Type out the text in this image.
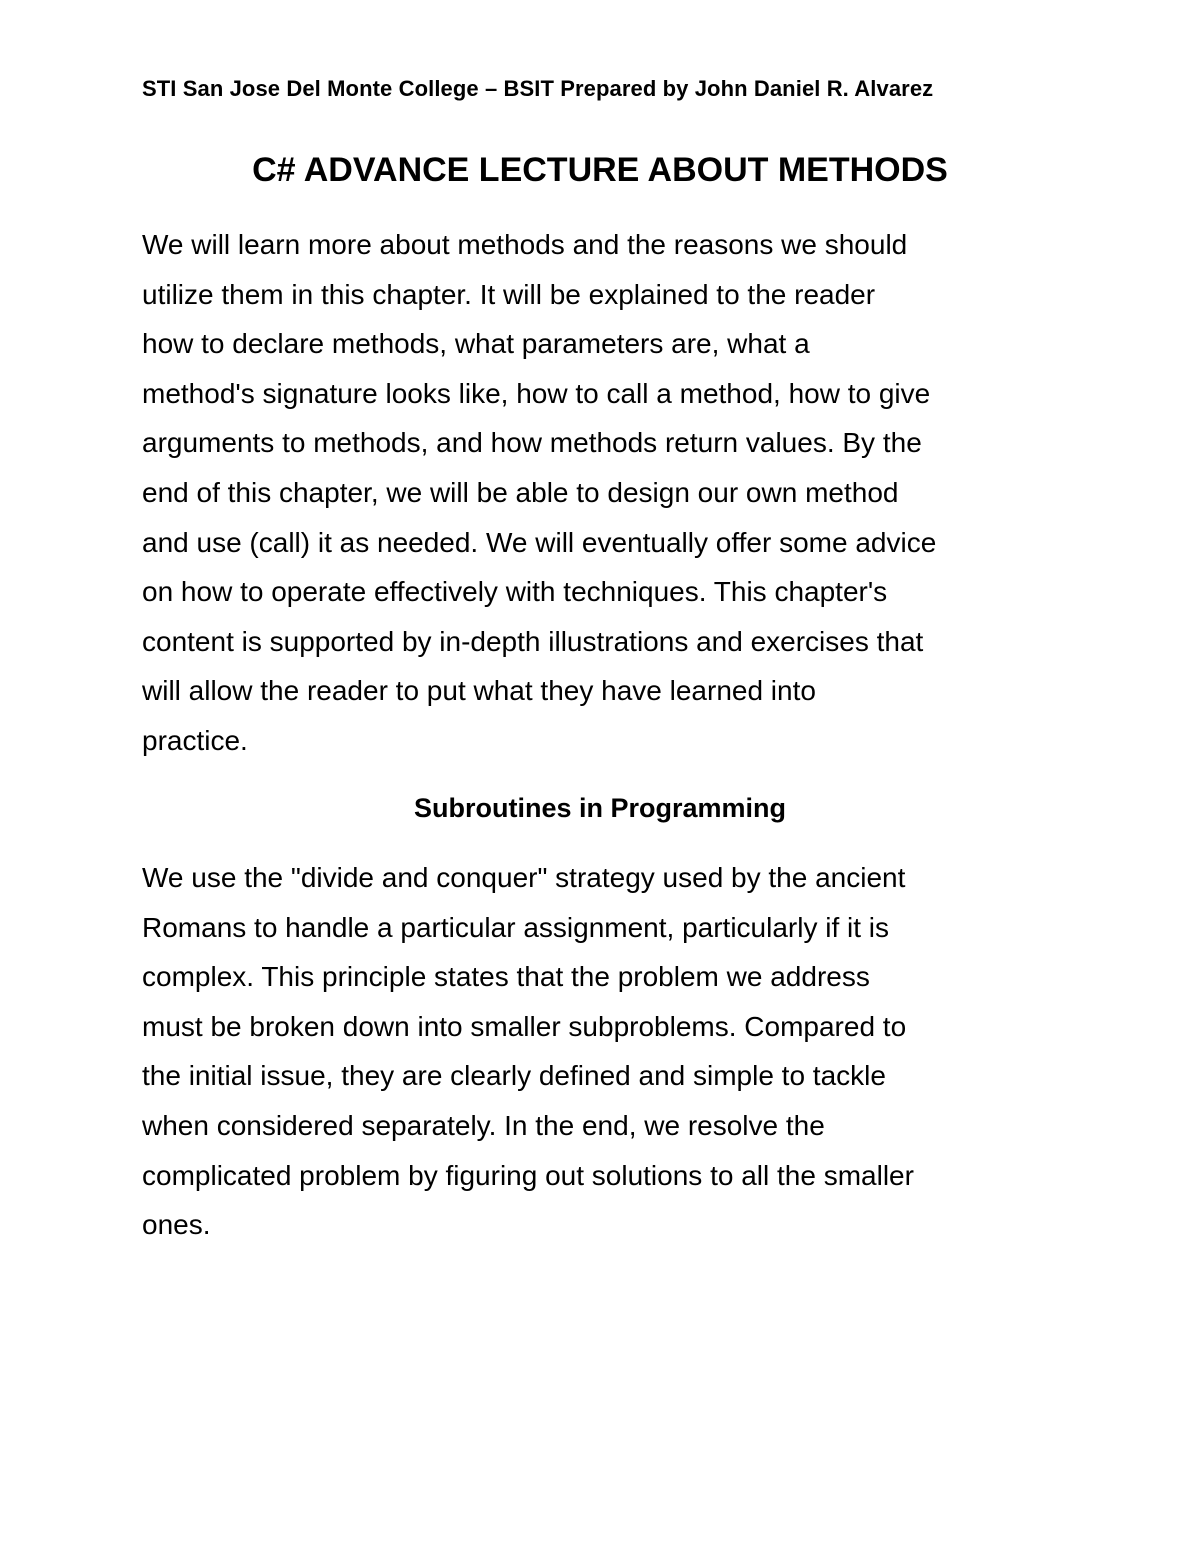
STI San Jose Del Monte College – BSIT Prepared by John Daniel R. Alvarez
C# ADVANCE LECTURE ABOUT METHODS

We will learn more about methods and the reasons we should
utilize them in this chapter. It will be explained to the reader
how to declare methods, what parameters are, what a
method's signature looks like, how to call a method, how to give
arguments to methods, and how methods return values. By the
end of this chapter, we will be able to design our own method
and use (call) it as needed. We will eventually offer some advice
on how to operate effectively with techniques. This chapter's
content is supported by in-depth illustrations and exercises that
will allow the reader to put what they have learned into
practice.

Subroutines in Programming

We use the "divide and conquer" strategy used by the ancient
Romans to handle a particular assignment, particularly if it is
complex. This principle states that the problem we address
must be broken down into smaller subproblems. Compared to
the initial issue, they are clearly defined and simple to tackle
when considered separately. In the end, we resolve the
complicated problem by figuring out solutions to all the smaller
ones.
